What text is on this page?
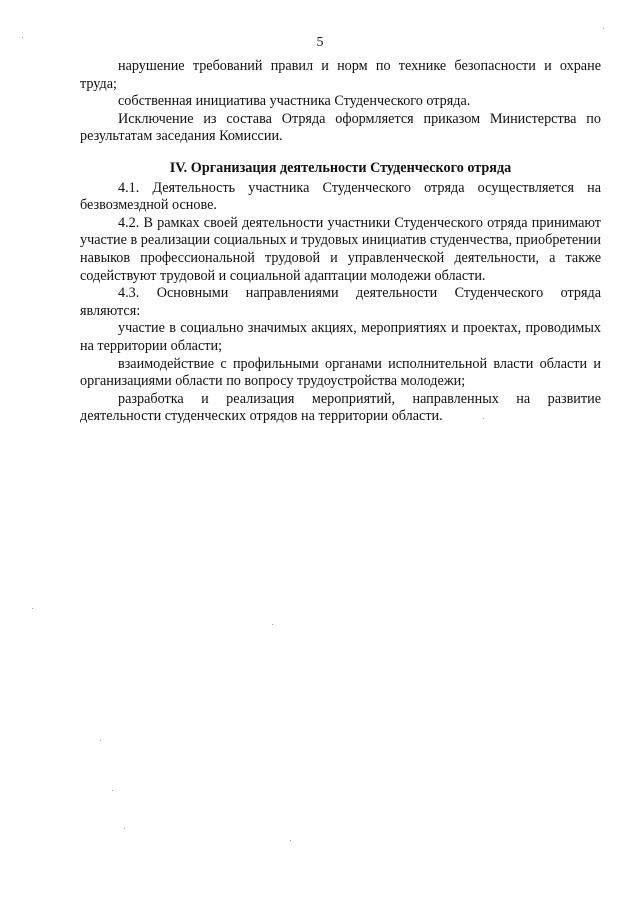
5

нарушение требований правил и норм по технике безопасности и охране труда;

собственная инициатива участника Студенческого отряда.

Исключение из состава Отряда оформляется приказом Министерства по результатам заседания Комиссии.

IV. Организация деятельности Студенческого отряда

4.1. Деятельность участника Студенческого отряда осуществляется на безвозмездной основе.

4.2. В рамках своей деятельности участники Студенческого отряда принимают участие в реализации социальных и трудовых инициатив студенчества, приобретении навыков профессиональной трудовой и управленческой деятельности, а также содействуют трудовой и социальной адаптации молодежи области.

4.3. Основными направлениями деятельности Студенческого отряда являются:

участие в социально значимых акциях, мероприятиях и проектах, проводимых на территории области;

взаимодействие с профильными органами исполнительной власти области и организациями области по вопросу трудоустройства молодежи;

разработка и реализация мероприятий, направленных на развитие деятельности студенческих отрядов на территории области.
